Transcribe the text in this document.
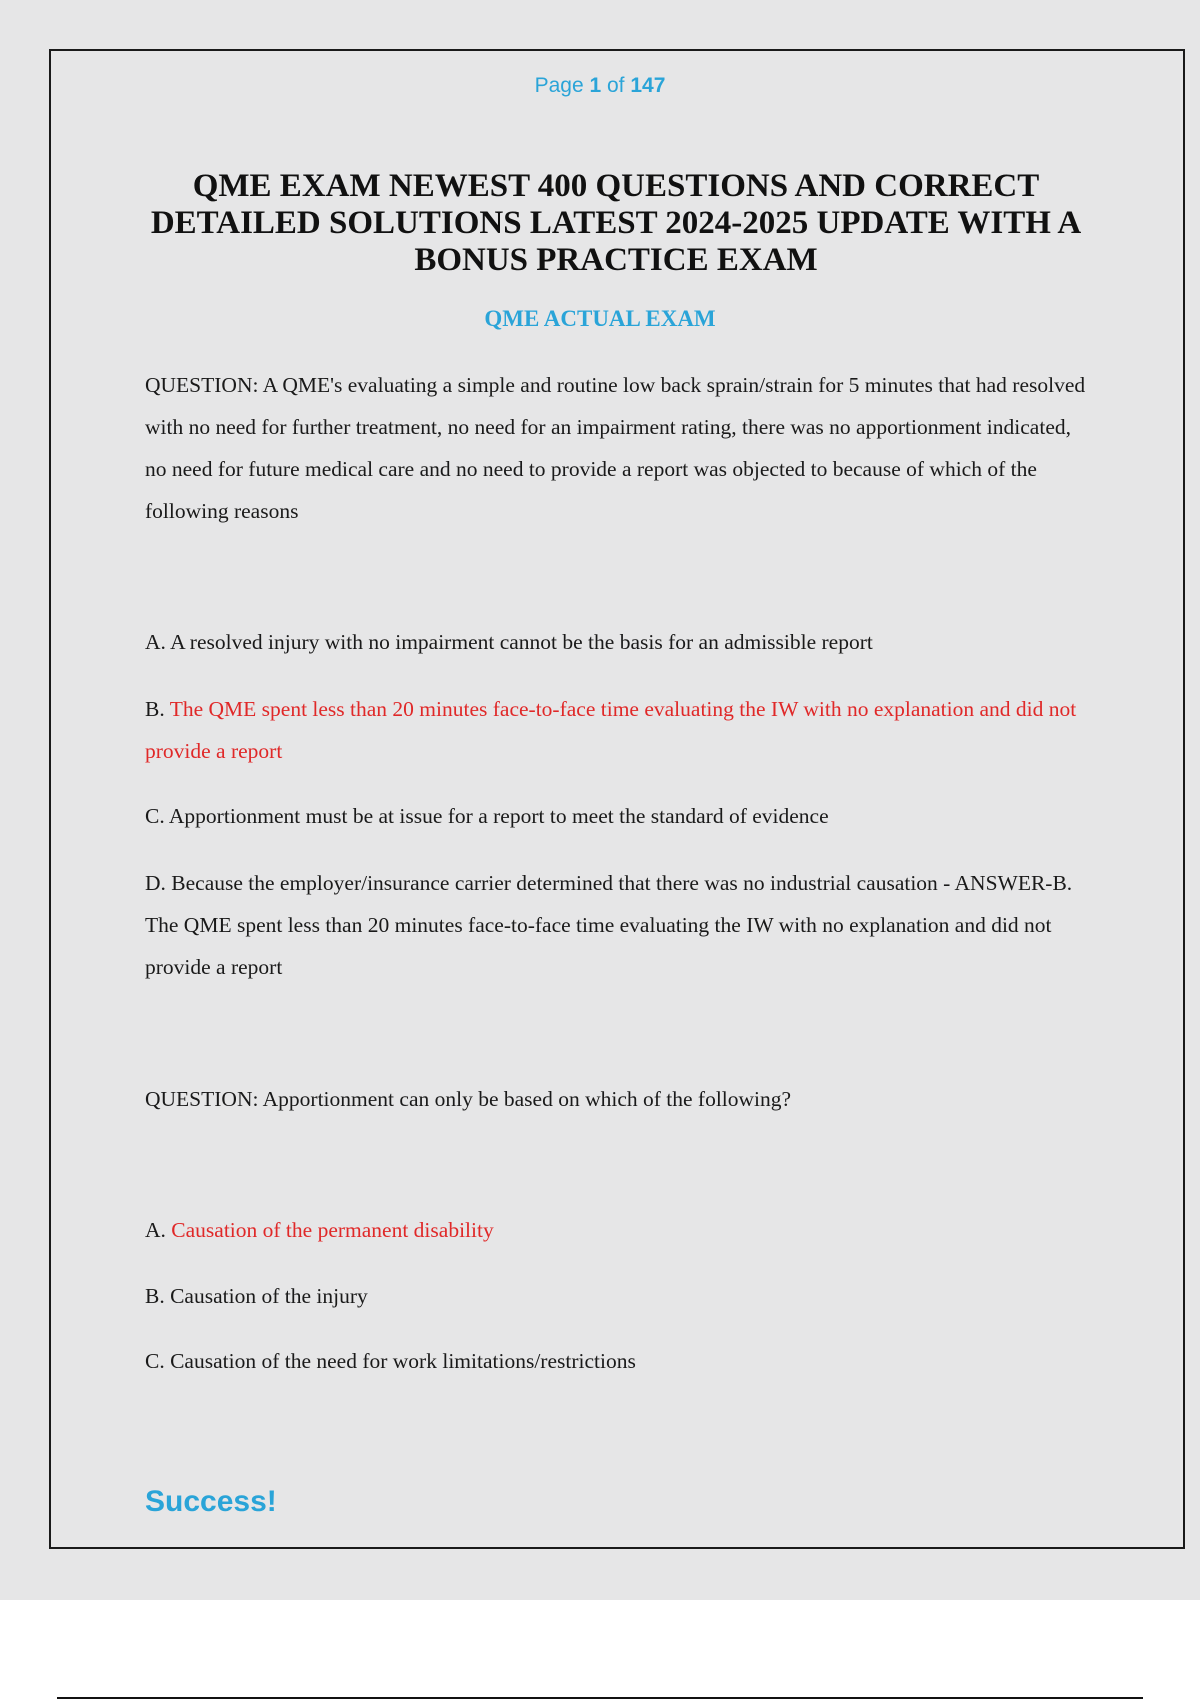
Page 1 of 147
QME EXAM NEWEST 400 QUESTIONS AND CORRECT DETAILED SOLUTIONS LATEST 2024-2025 UPDATE WITH A BONUS PRACTICE EXAM
QME ACTUAL EXAM

QUESTION: A QME's evaluating a simple and routine low back sprain/strain for 5 minutes that had resolved with no need for further treatment, no need for an impairment rating, there was no apportionment indicated, no need for future medical care and no need to provide a report was objected to because of which of the following reasons

A. A resolved injury with no impairment cannot be the basis for an admissible report

B. The QME spent less than 20 minutes face-to-face time evaluating the IW with no explanation and did not provide a report

C. Apportionment must be at issue for a report to meet the standard of evidence

D. Because the employer/insurance carrier determined that there was no industrial causation - ANSWER-B. The QME spent less than 20 minutes face-to-face time evaluating the IW with no explanation and did not provide a report

QUESTION: Apportionment can only be based on which of the following?

A. Causation of the permanent disability

B. Causation of the injury

C. Causation of the need for work limitations/restrictions

Success!
